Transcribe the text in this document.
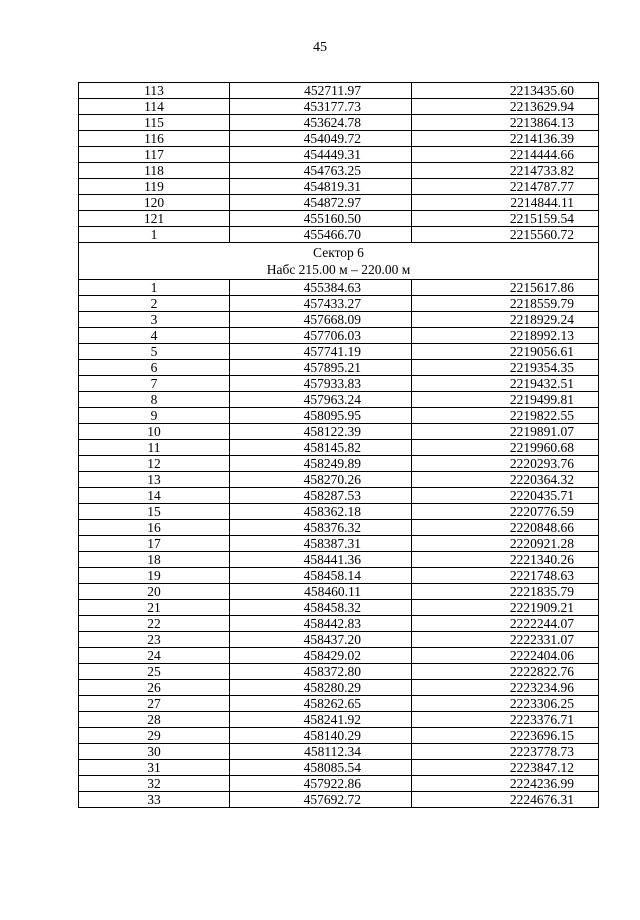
45
113	452711.97	2213435.60
114	453177.73	2213629.94
115	453624.78	2213864.13
116	454049.72	2214136.39
117	454449.31	2214444.66
118	454763.25	2214733.82
119	454819.31	2214787.77
120	454872.97	2214844.11
121	455160.50	2215159.54
1	455466.70	2215560.72

Сектор 6
Набс 215.00 м – 220.00 м		

1	455384.63	2215617.86
2	457433.27	2218559.79
3	457668.09	2218929.24
4	457706.03	2218992.13
5	457741.19	2219056.61
6	457895.21	2219354.35
7	457933.83	2219432.51
8	457963.24	2219499.81
9	458095.95	2219822.55
10	458122.39	2219891.07
11	458145.82	2219960.68
12	458249.89	2220293.76
13	458270.26	2220364.32
14	458287.53	2220435.71
15	458362.18	2220776.59
16	458376.32	2220848.66
17	458387.31	2220921.28
18	458441.36	2221340.26
19	458458.14	2221748.63
20	458460.11	2221835.79
21	458458.32	2221909.21
22	458442.83	2222244.07
23	458437.20	2222331.07
24	458429.02	2222404.06
25	458372.80	2222822.76
26	458280.29	2223234.96
27	458262.65	2223306.25
28	458241.92	2223376.71
29	458140.29	2223696.15
30	458112.34	2223778.73
31	458085.54	2223847.12
32	457922.86	2224236.99
33	457692.72	2224676.31
